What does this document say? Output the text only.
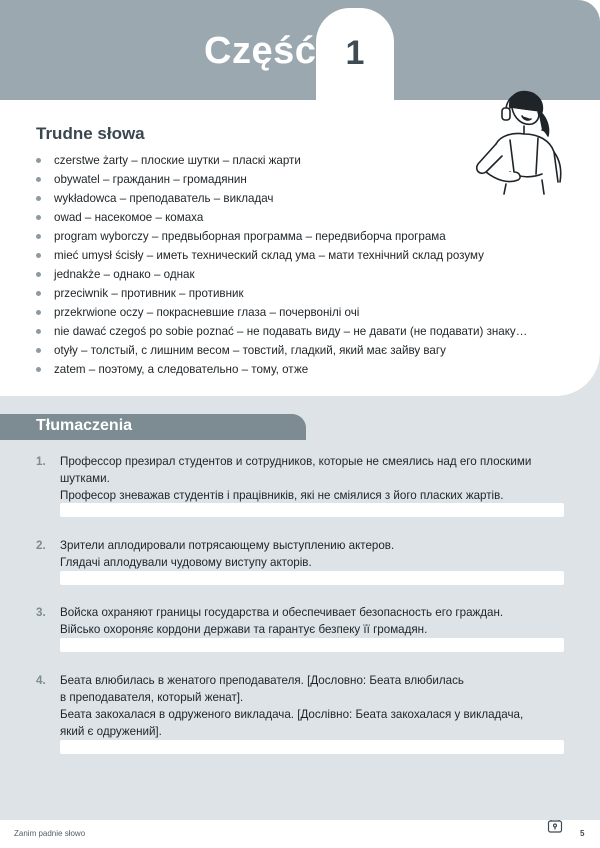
Część 1
Trudne słowa
czerstwe żarty – плоские шутки – пласкі жарти
obywatel – гражданин – громадянин
wykładowca – преподаватель – викладач
owad – насекомое – комаха
program wyborczy – предвыборная программа – передвиборча програма
mieć umysł ścisły – иметь технический склад ума – мати технічний склад розуму
jednakże – однако – однак
przeciwnik – противник – противник
przekrwione oczy – покрасневшие глаза – почервонілі очі
nie dawać czegoś po sobie poznać – не подавать виду – не давати (не подавати) знаку…
otyły – толстый, с лишним весом – товстий, гладкий, який має зайву вагу
zatem – поэтому, а следовательно – тому, отже
Tłumaczenia
1. Профессор презирал студентов и сотрудников, которые не смеялись над его плоскими
шутками.
Професор зневажав студентів і працівників, які не сміялися з його пласких жартів.
2. Зрители аплодировали потрясающему выступлению актеров.
Глядачі аплодували чудовому виступу акторів.
3. Войска охраняют границы государства и обеспечивает безопасность его граждан.
Військо охороняє кордони держави та гарантує безпеку її громадян.
4. Беата влюбилась в женатого преподавателя. [Дословно: Беата влюбилась
в преподавателя, который женат].
Беата закохалася в одруженого викладача. [Дослівно: Беата закохалася у викладача,
який є одружений].
Zanim padnie słowo	5
